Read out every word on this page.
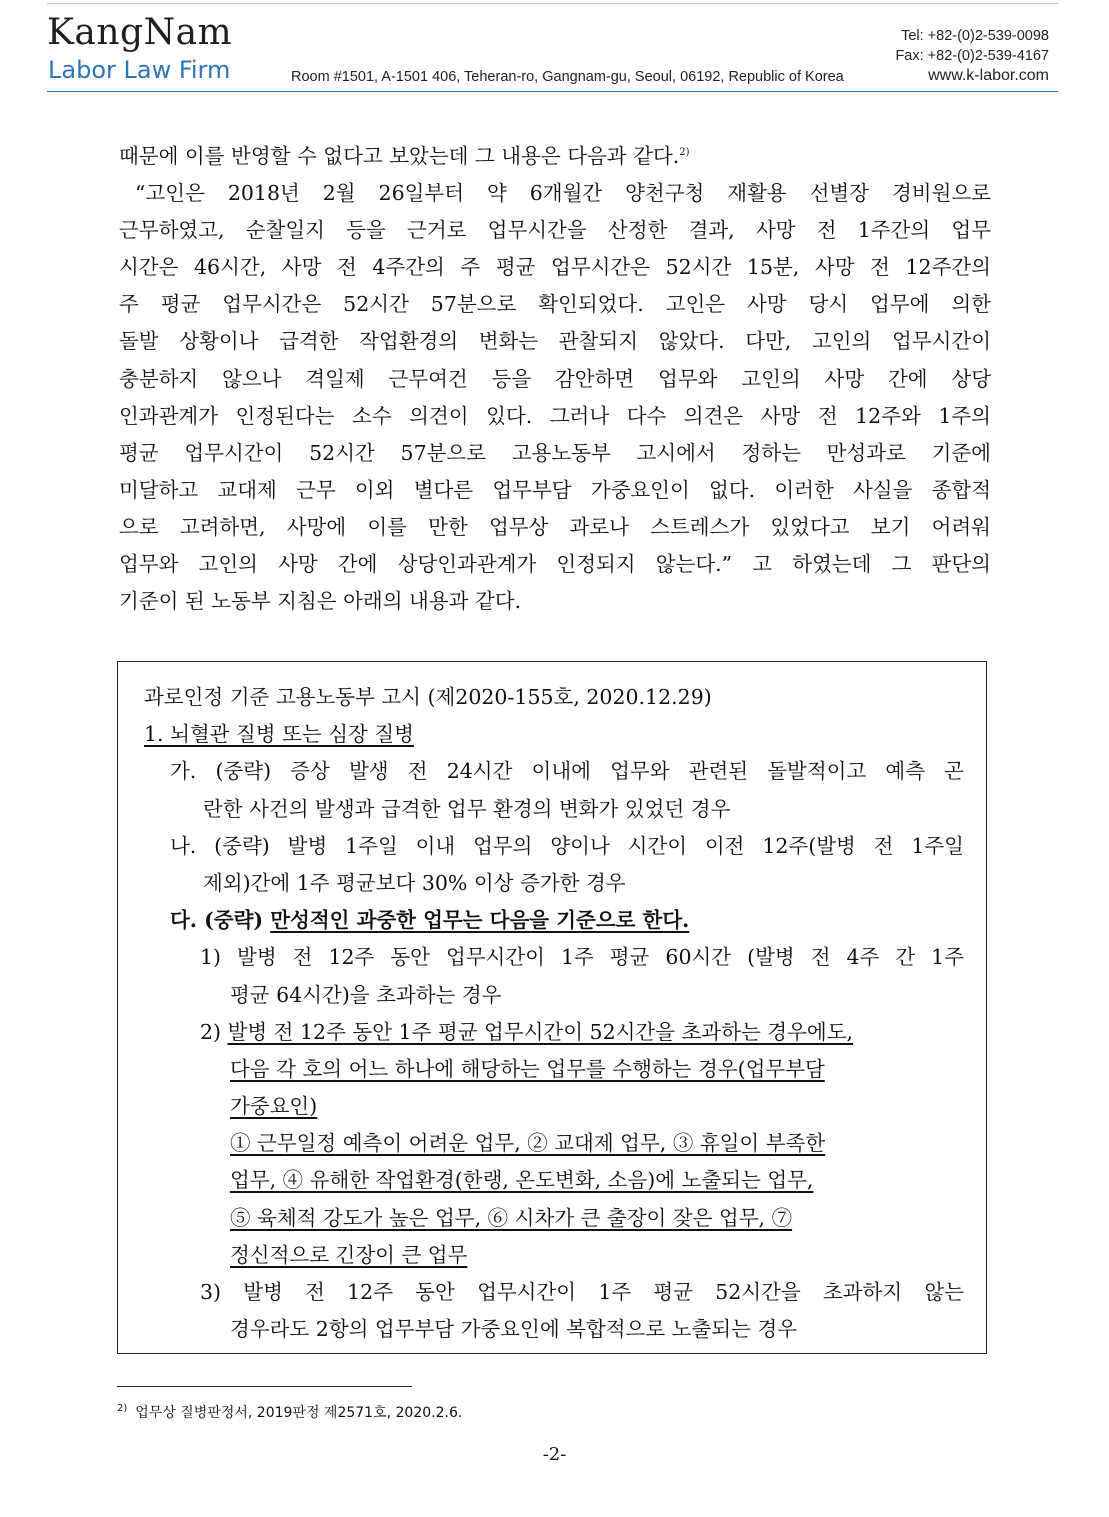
KangNam
Labor Law Firm	Room #1501, A-1501 406, Teheran-ro, Gangnam-gu, Seoul, 06192, Republic of Korea
Tel: +82-(0)2-539-0098
Fax: +82-(0)2-539-4167
www.k-labor.com
때문에 이를 반영할 수 없다고 보았는데 그 내용은 다음과 같다.$^{2)}$
“고인은 2018년 2월 26일부터 약 6개월간 양천구청 재활용 선별장 경비원으로
근무하였고, 순찰일지 등을 근거로 업무시간을 산정한 결과, 사망 전 1주간의 업무
시간은 46시간, 사망 전 4주간의 주 평균 업무시간은 52시간 15분, 사망 전 12주간의
주 평균 업무시간은 52시간 57분으로 확인되었다. 고인은 사망 당시 업무에 의한
돌발 상황이나 급격한 작업환경의 변화는 관찰되지 않았다. 다만, 고인의 업무시간이
충분하지 않으나 격일제 근무여건 등을 감안하면 업무와 고인의 사망 간에 상당
인과관계가 인정된다는 소수 의견이 있다. 그러나 다수 의견은 사망 전 12주와 1주의
평균 업무시간이 52시간 57분으로 고용노동부 고시에서 정하는 만성과로 기준에
미달하고 교대제 근무 이외 별다른 업무부담 가중요인이 없다. 이러한 사실을 종합적
으로 고려하면, 사망에 이를 만한 업무상 과로나 스트레스가 있었다고 보기 어려워
업무와 고인의 사망 간에 상당인과관계가 인정되지 않는다.” 고 하였는데 그 판단의
기준이 된 노동부 지침은 아래의 내용과 같다.
과로인정 기준 고용노동부 고시 (제2020-155호, 2020.12.29)
1. 뇌혈관 질병 또는 심장 질병
가. (중략) 증상 발생 전 24시간 이내에 업무와 관련된 돌발적이고 예측 곤
란한 사건의 발생과 급격한 업무 환경의 변화가 있었던 경우
나. (중략) 발병 1주일 이내 업무의 양이나 시간이 이전 12주(발병 전 1주일
제외)간에 1주 평균보다 30% 이상 증가한 경우
다. (중략) 만성적인 과중한 업무는 다음을 기준으로 한다.
1) 발병 전 12주 동안 업무시간이 1주 평균 60시간 (발병 전 4주 간 1주
평균 64시간)을 초과하는 경우
2) 발병 전 12주 동안 1주 평균 업무시간이 52시간을 초과하는 경우에도,
다음 각 호의 어느 하나에 해당하는 업무를 수행하는 경우(업무부담
가중요인)
① 근무일정 예측이 어려운 업무, ② 교대제 업무, ③ 휴일이 부족한
업무, ④ 유해한 작업환경(한랭, 온도변화, 소음)에 노출되는 업무,
⑤ 육체적 강도가 높은 업무, ⑥ 시차가 큰 출장이 잦은 업무, ⑦
정신적으로 긴장이 큰 업무
3) 발병 전 12주 동안 업무시간이 1주 평균 52시간을 초과하지 않는
경우라도 2항의 업무부담 가중요인에 복합적으로 노출되는 경우
$^{2)}$ 업무상 질병판정서, 2019판정 제2571호, 2020.2.6.
-2-
